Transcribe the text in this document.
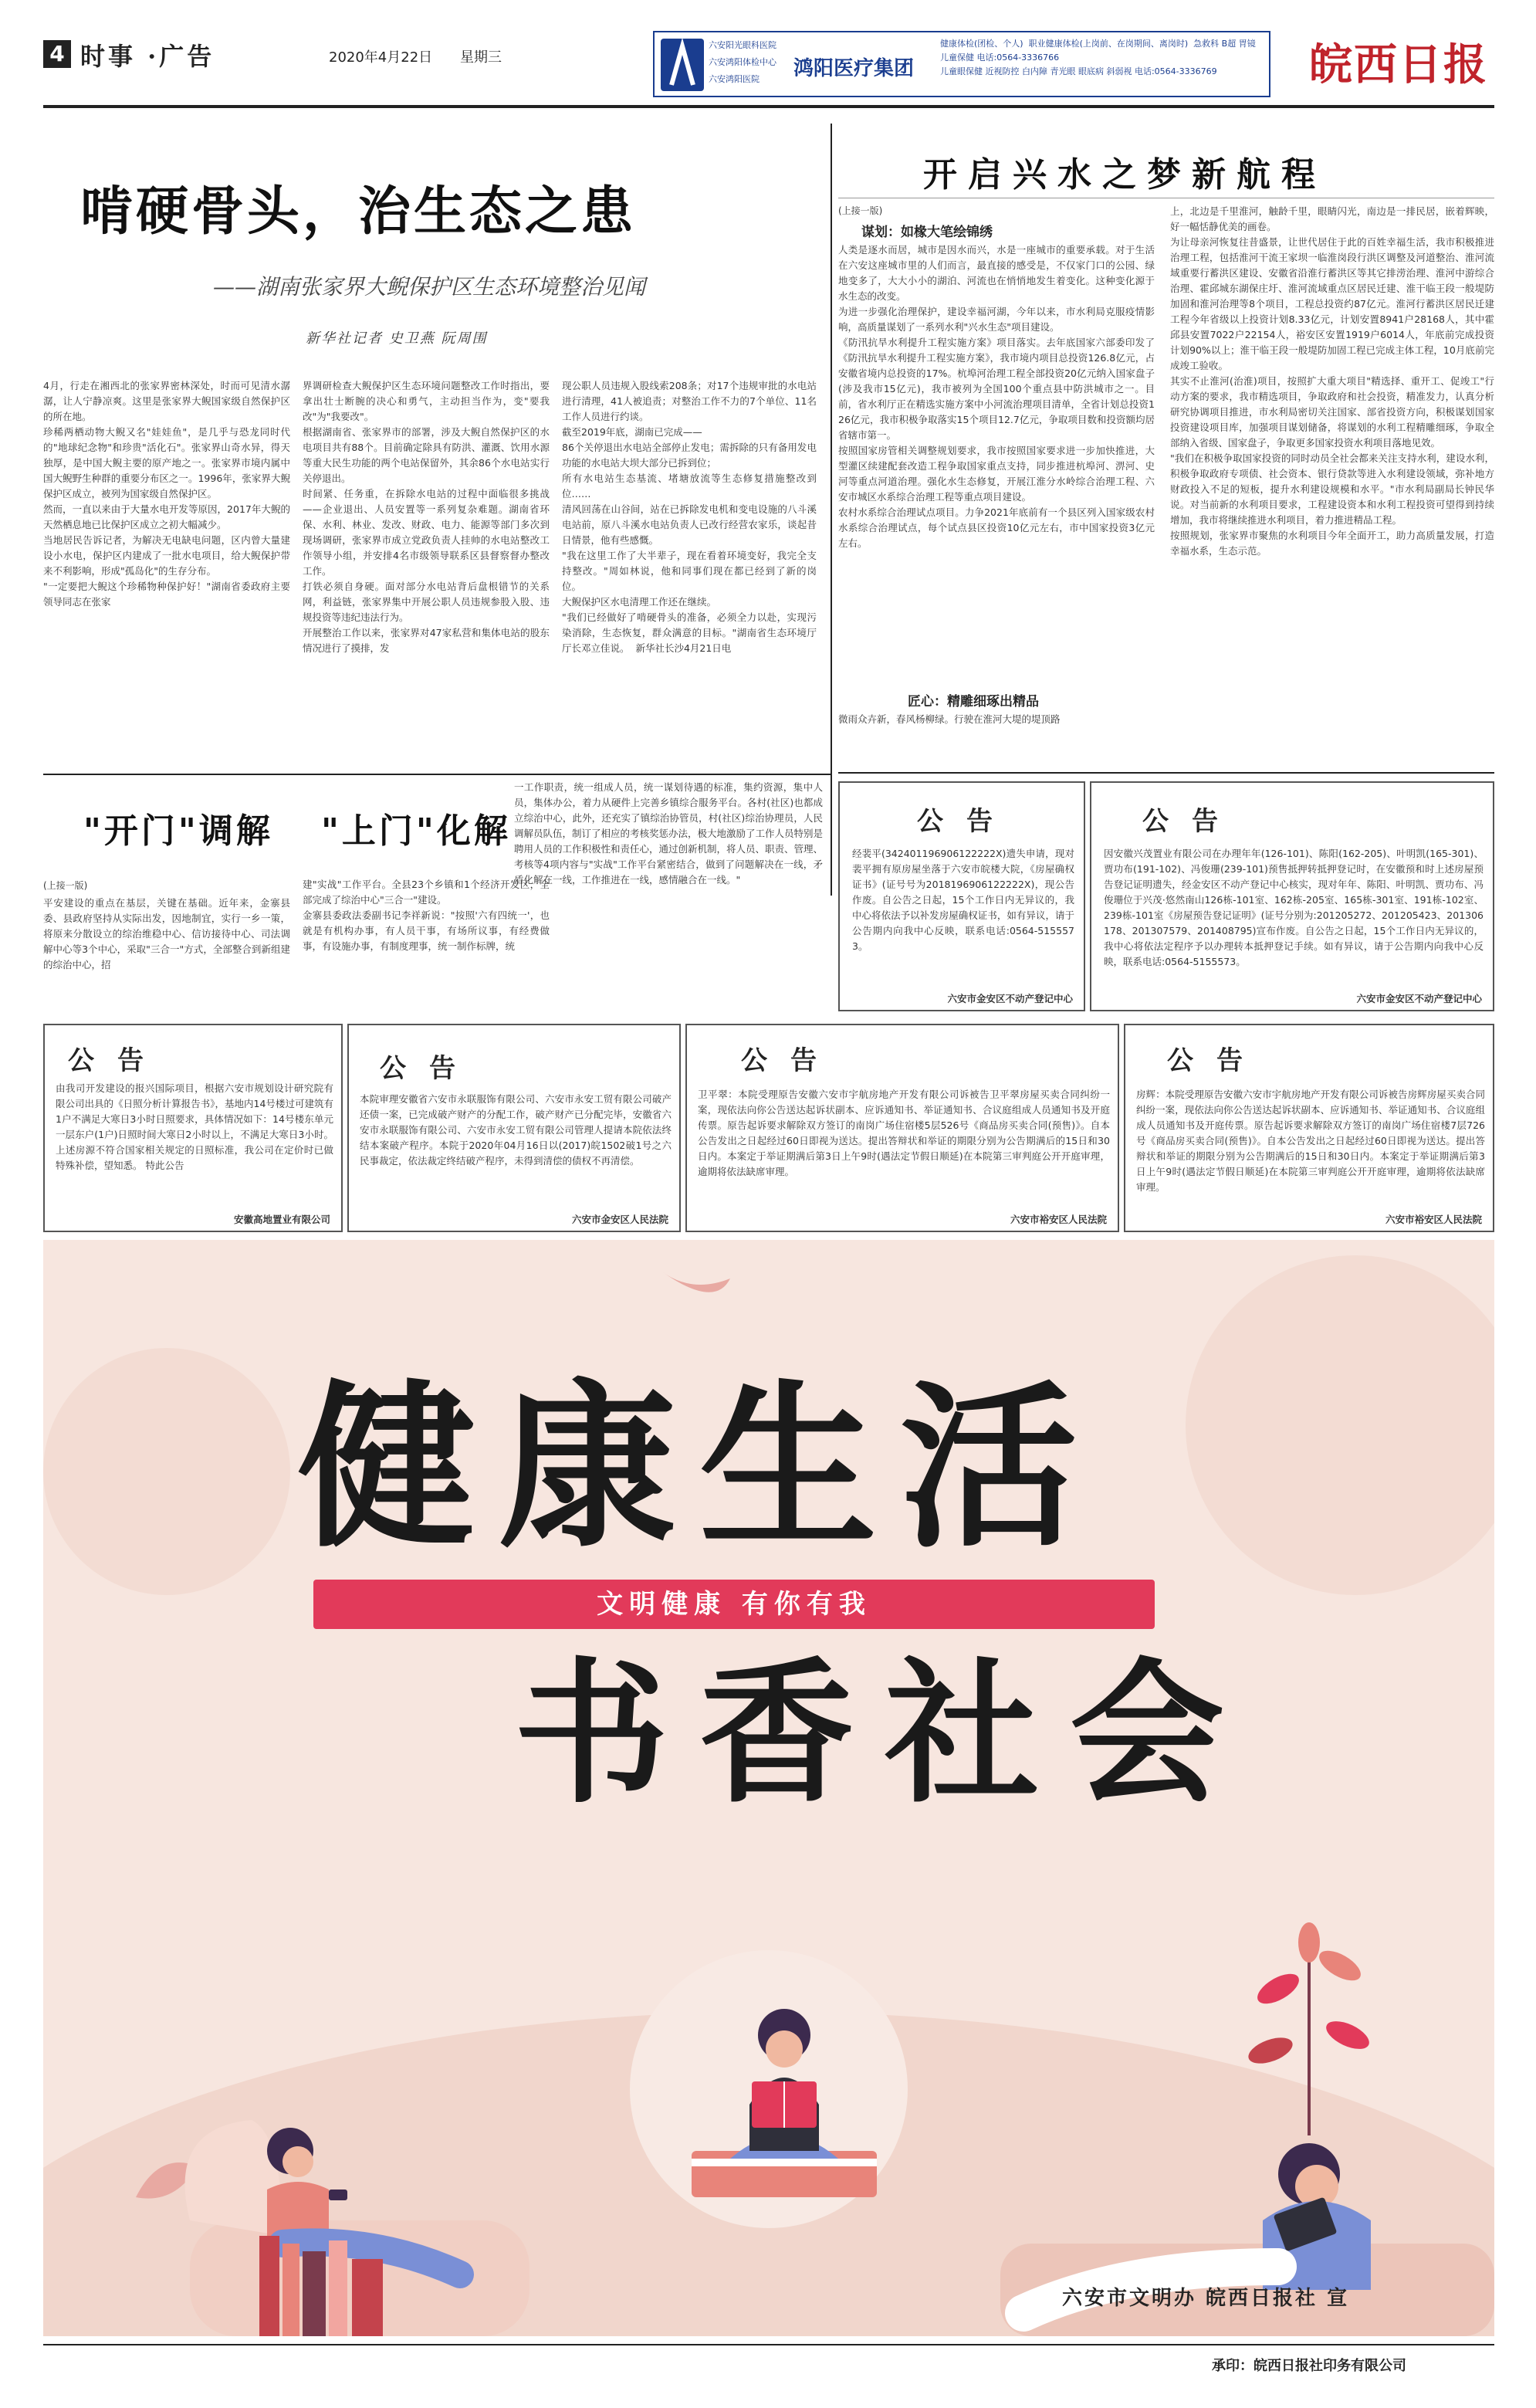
4 时事 ·广告	2020年4月22日 星期三
六安阳光眼科医院
六安鸿阳体检中心
六安鸿阳医院	鸿阳医疗集团
健康体检(团检、个人)  职业健康体检(上岗前、在岗期间、离岗时)  急救科 B超 胃镜 儿童保健 电话:0564-3336766
儿童眼保健 近视防控 白内障 青光眼 眼底病 斜弱视 电话:0564-3336769	皖西日报
啃硬骨头，治生态之患
——湖南张家界大鲵保护区生态环境整治见闻
新华社记者 史卫燕 阮周围
4月，行走在湘西北的张家界密林深处，时而可见清水潺潺，让人宁静凉爽。这里是张家界大鲵国家级自然保护区的所在地。
珍稀两栖动物大鲵又名"娃娃鱼"，是几乎与恐龙同时代的"地球纪念物"和珍贵"活化石"。张家界山奇水异，得天独厚，是中国大鲵主要的原产地之一。张家界市境内属中国大鲵野生种群的重要分布区之一。1996年，张家界大鲵保护区成立，被列为国家级自然保护区。
然而，一直以来由于大量水电开发等原因，2017年大鲵的天然栖息地已比保护区成立之初大幅减少。
当地居民告诉记者，为解决无电缺电问题，区内曾大量建设小水电，保护区内建成了一批水电项目，给大鲵保护带来不利影响，形成"孤岛化"的生存分布。
"一定要把大鲵这个珍稀物种保护好！"湖南省委政府主要领导同志在张家
界调研检查大鲵保护区生态环境问题整改工作时指出，要拿出壮士断腕的决心和勇气，主动担当作为，变"要我改"为"我要改"。
根据湖南省、张家界市的部署，涉及大鲵自然保护区的水电项目共有88个。目前确定除具有防洪、灌溉、饮用水源等重大民生功能的两个电站保留外，其余86个水电站实行关停退出。
时间紧、任务重，在拆除水电站的过程中面临很多挑战——企业退出、人员安置等一系列复杂难题。湖南省环保、水利、林业、发改、财政、电力、能源等部门多次到现场调研，张家界市成立党政负责人挂帅的水电站整改工作领导小组，并安排4名市级领导联系区县督察督办整改工作。
打铁必须自身硬。面对部分水电站背后盘根错节的关系网，利益链，张家界集中开展公职人员违规参股入股、违规投资等违纪违法行为。
开展整治工作以来，张家界对47家私营和集体电站的股东情况进行了摸排，发
现公职人员违规入股线索208条；对17个违规审批的水电站进行清理，41人被追责；对整治工作不力的7个单位、11名工作人员进行约谈。
截至2019年底，湖南已完成——
86个关停退出水电站全部停止发电；需拆除的只有备用发电功能的水电站大坝大部分已拆到位；
所有水电站生态基流、堵塘放流等生态修复措施整改到位……
清风回荡在山谷间，站在已拆除发电机和变电设施的八斗溪电站前，原八斗溪水电站负责人已改行经营农家乐，谈起昔日情景，他有些感慨。
"我在这里工作了大半辈子，现在看着环境变好，我完全支持整改。"周如林说，他和同事们现在都已经到了新的岗位。
大鲵保护区水电清理工作还在继续。
"我们已经做好了啃硬骨头的准备，必须全力以赴，实现污染消除，生态恢复，群众满意的目标。"湖南省生态环境厅厅长邓立佳说。  新华社长沙4月21日电
开启兴水之梦新航程
(上接一版)
谋划：如椽大笔绘锦绣
人类是逐水而居，城市是因水而兴，水是一座城市的重要承载。对于生活在六安这座城市里的人们而言，最直接的感受是，不仅家门口的公园、绿地变多了，大大小小的湖泊、河流也在悄悄地发生着变化。这种变化源于水生态的改变。
为进一步强化治理保护，建设幸福河湖，今年以来，市水利局克服疫情影响，高质量谋划了一系列水利"兴水生态"项目建设。
《防汛抗旱水利提升工程实施方案》项目落实。去年底国家六部委印发了《防汛抗旱水利提升工程实施方案》，我市境内项目总投资126.8亿元，占安徽省境内总投资的17%。杭埠河治理工程全部投资20亿元纳入国家盘子(涉及我市15亿元)，我市被列为全国100个重点县中防洪城市之一。目前，省水利厅正在精选实施方案中小河流治理项目清单，全省计划总投资126亿元，我市积极争取落实15个项目12.7亿元，争取项目数和投资额均居省辖市第一。
按照国家房管相关调整规划要求，我市按照国家要求进一步加快推进，大型灌区续建配套改造工程争取国家重点支持，同步推进杭埠河、淠河、史河等重点河道治理。强化水生态修复，开展江淮分水岭综合治理工程、六安市城区水系综合治理工程等重点项目建设。
农村水系综合治理试点项目。力争2021年底前有一个县区列入国家级农村水系综合治理试点，每个试点县区投资10亿元左右，市中国家投资3亿元左右。
匠心：精雕细琢出精品
微雨众卉新，春风杨柳绿。行驶在淮河大堤的堤顶路
上，北边是千里淮河，触龄千里，眼睛闪光，南边是一排民居，嵌着辉映，好一幅恬静优美的画卷。
为让母亲河恢复往昔盛景，让世代居住于此的百姓幸福生活，我市积极推进治理工程，包括淮河干流王家坝一临淮岗段行洪区调整及河道整治、淮河流域重要行蓄洪区建设、安徽省沿淮行蓄洪区等其它排涝治理、淮河中游综合治理、霍邱城东湖保庄圩、淮河流域重点区居民迁建、淮干临王段一般堤防加固和淮河治理等8个项目，工程总投资约87亿元。淮河行蓄洪区居民迁建工程今年省级以上投资计划8.33亿元，计划安置8941户28168人，其中霍邱县安置7022户22154人，裕安区安置1919户6014人，年底前完成投资计划90%以上；淮干临王段一般堤防加固工程已完成主体工程，10月底前完成竣工验收。
其实不止淮河(治淮)项目，按照扩大重大项目"精选择、重开工、促竣工"行动方案的要求，我市精选项目，争取政府和社会投资，精准发力，认真分析研究协调项目推进，市水利局密切关注国家、部省投资方向，积极谋划国家投资建设项目库，加强项目谋划储备，将谋划的水利工程精雕细琢，争取全部纳入省级、国家盘子，争取更多国家投资水利项目落地见效。
"我们在积极争取国家投资的同时动员全社会都来关注支持水利，建设水利，积极争取政府专项债、社会资本、银行贷款等进入水利建设领域，弥补地方财政投入不足的短板，提升水利建设规模和水平。"市水利局副局长钟民华说。对当前新的水利项目要求，工程建设资本和水利工程投资可望得到持续增加，我市将继续推进水利项目，着力推进精品工程。
按照规划，张家界市聚焦的水利项目今年全面开工，助力高质量发展，打造幸福水系，生态示范。
"开门"调解 "上门"化解
(上接一版)
平安建设的重点在基层，关键在基础。近年来，金寨县委、县政府坚持从实际出发，因地制宜，实行一乡一策，将原来分散设立的综治维稳中心、信访接待中心、司法调解中心等3个中心，采取"三合一"方式，全部整合到新组建的综治中心，招
建"实战"工作平台。全县23个乡镇和1个经济开发区，全部完成了综治中心"三合一"建设。
金寨县委政法委副书记李祥新说："按照'六有四统一'，也就是有机构办事，有人员干事，有场所议事，有经费做事，有设施办事，有制度理事，统一制作标牌，统
一工作职责，统一组成人员，统一谋划待遇的标准，集约资源，集中人员，集体办公，着力从硬件上完善乡镇综合服务平台。各村(社区)也都成立综治中心，此外，还充实了镇综治协管员，村(社区)综治协理员，人民调解员队伍，制订了相应的考核奖惩办法，极大地激励了工作人员特别是聘用人员的工作积极性和责任心，通过创新机制，将人员、职责、管理、考核等4项内容与"实战"工作平台紧密结合，做到了问题解决在一线，矛盾化解在一线，工作推进在一线，感情融合在一线。"
公告
经裴平(342401196906122222X)遗失申请，现对裴平拥有原房屋坐落于六安市皖楼大院，《房屋确权证书》(证号号为2018196906122222X)，现公告作废。自公告之日起，15个工作日内无异议的，我中心将依法予以补发房屋确权证书，如有异议，请于公告期内向我中心反映，联系电话:0564-5155573。
六安市金安区不动产登记中心
公告
因安徽兴茂置业有限公司在办理年年(126-101)、陈阳(162-205)、叶明凯(165-301)、贾功布(191-102)、冯俊珊(239-101)预售抵押转抵押登记时，在安徽预和时上述房屋预告登记证明遗失，经金安区不动产登记中心核实，现对年年、陈阳、叶明凯、贾功布、冯俊珊位于兴茂·悠然南山126栋-101室、162栋-205室、165栋-301室、191栋-102室、239栋-101室《房屋预告登记证明》(证号分别为:201205272、201205423、201306178、201307579、201408795)宣布作废。自公告之日起，15个工作日内无异议的，我中心将依法定程序予以办理转本抵押登记手续。如有异议，请于公告期内向我中心反映，联系电话:0564-5155573。
六安市金安区不动产登记中心
公告
由我司开发建设的报兴国际项目，根据六安市规划设计研究院有限公司出具的《日照分析计算报告书》，基地内14号楼过可建筑有1户不满足大寒日3小时日照要求，具体情况如下：14号楼东单元一层东户(1户)日照时间大寒日2小时以上，不满足大寒日3小时。 上述房源不符合国家相关规定的日照标准，我公司在定价时已做特殊补偿，望知悉。 特此公告
安徽高地置业有限公司
公告
本院审理安徽省六安市永联服饰有限公司、六安市永安工贸有限公司破产还债一案，已完成破产财产的分配工作，破产财产已分配完毕，安徽省六安市永联服饰有限公司、六安市永安工贸有限公司管理人提请本院依法终结本案破产程序。本院于2020年04月16日以(2017)皖1502破1号之六民事裁定，依法裁定终结破产程序，未得到清偿的债权不再清偿。
六安市金安区人民法院
公告
卫平翠：本院受理原告安徽六安市宇航房地产开发有限公司诉被告卫平翠房屋买卖合同纠纷一案，现依法向你公告送达起诉状副本、应诉通知书、举证通知书、合议庭组成人员通知书及开庭传票。原告起诉要求解除双方签订的南岗广场住宿楼5层526号《商品房买卖合同(预售)》。自本公告发出之日起经过60日即视为送达。提出答辩状和举证的期限分别为公告期满后的15日和30日内。本案定于举证期满后第3日上午9时(遇法定节假日顺延)在本院第三审判庭公开开庭审理，逾期将依法缺席审理。
六安市裕安区人民法院
公告
房辉：本院受理原告安徽六安市宇航房地产开发有限公司诉被告房辉房屋买卖合同纠纷一案，现依法向你公告送达起诉状副本、应诉通知书、举证通知书、合议庭组成人员通知书及开庭传票。原告起诉要求解除双方签订的南岗广场住宿楼7层726号《商品房买卖合同(预售)》。自本公告发出之日起经过60日即视为送达。提出答辩状和举证的期限分别为公告期满后的15日和30日内。本案定于举证期满后第3日上午9时(遇法定节假日顺延)在本院第三审判庭公开开庭审理，逾期将依法缺席审理。
六安市裕安区人民法院
健康生活
文明健康 有你有我
书香社会
六安市文明办 皖西日报社 宣
承印：皖西日报社印务有限公司
